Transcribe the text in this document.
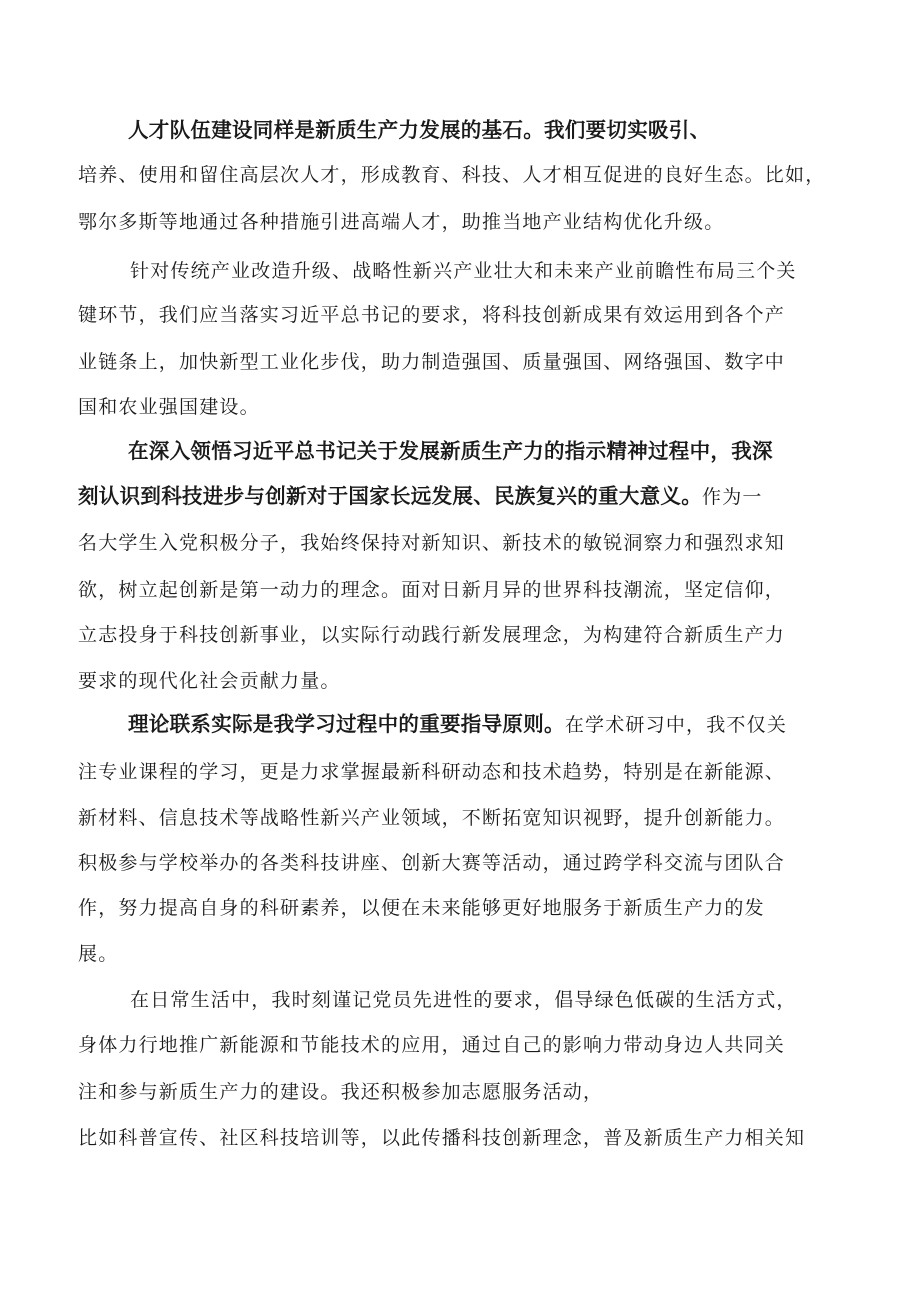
人才队伍建设同样是新质生产力发展的基石。我们要切实吸引、
培养、使用和留住高层次人才，形成教育、科技、人才相互促进的良好生态。比如，
鄂尔多斯等地通过各种措施引进高端人才，助推当地产业结构优化升级。
针对传统产业改造升级、战略性新兴产业壮大和未来产业前瞻性布局三个关
键环节，我们应当落实习近平总书记的要求，将科技创新成果有效运用到各个产
业链条上，加快新型工业化步伐，助力制造强国、质量强国、网络强国、数字中
国和农业强国建设。
在深入领悟习近平总书记关于发展新质生产力的指示精神过程中，我深
刻认识到科技进步与创新对于国家长远发展、民族复兴的重大意义。作为一
名大学生入党积极分子，我始终保持对新知识、新技术的敏锐洞察力和强烈求知
欲，树立起创新是第一动力的理念。面对日新月异的世界科技潮流，坚定信仰，
立志投身于科技创新事业，以实际行动践行新发展理念，为构建符合新质生产力
要求的现代化社会贡献力量。
理论联系实际是我学习过程中的重要指导原则。在学术研习中，我不仅关
注专业课程的学习，更是力求掌握最新科研动态和技术趋势，特别是在新能源、
新材料、信息技术等战略性新兴产业领域，不断拓宽知识视野，提升创新能力。
积极参与学校举办的各类科技讲座、创新大赛等活动，通过跨学科交流与团队合
作，努力提高自身的科研素养，以便在未来能够更好地服务于新质生产力的发
展。
在日常生活中，我时刻谨记党员先进性的要求，倡导绿色低碳的生活方式，
身体力行地推广新能源和节能技术的应用，通过自己的影响力带动身边人共同关
注和参与新质生产力的建设。我还积极参加志愿服务活动，
比如科普宣传、社区科技培训等，以此传播科技创新理念，普及新质生产力相关知
